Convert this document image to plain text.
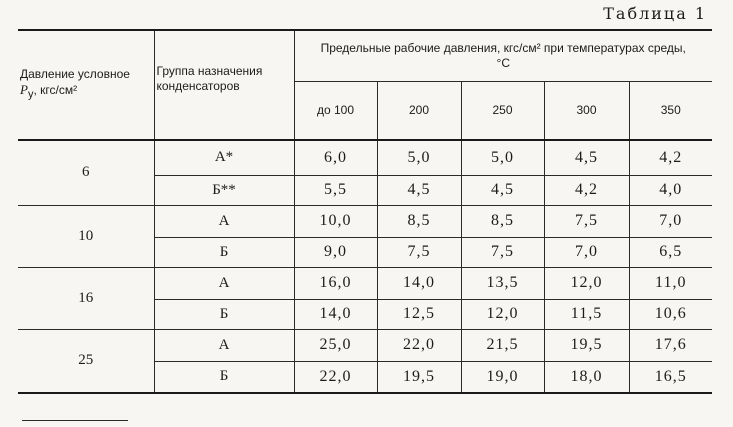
Таблица 1
Давление условное
$P_у$, кгс/см²	Группа назначения конденсаторов	Предельные рабочие давления, кгс/см² при температурах среды, °С				
		до 100	200	250	300	350
6	А*	6,0	5,0	5,0	4,5	4,2
	Б**	5,5	4,5	4,5	4,2	4,0
10	А	10,0	8,5	8,5	7,5	7,0
	Б	9,0	7,5	7,5	7,0	6,5
16	А	16,0	14,0	13,5	12,0	11,0
	Б	14,0	12,5	12,0	11,5	10,6
25	А	25,0	22,0	21,5	19,5	17,6
	Б	22,0	19,5	19,0	18,0	16,5
